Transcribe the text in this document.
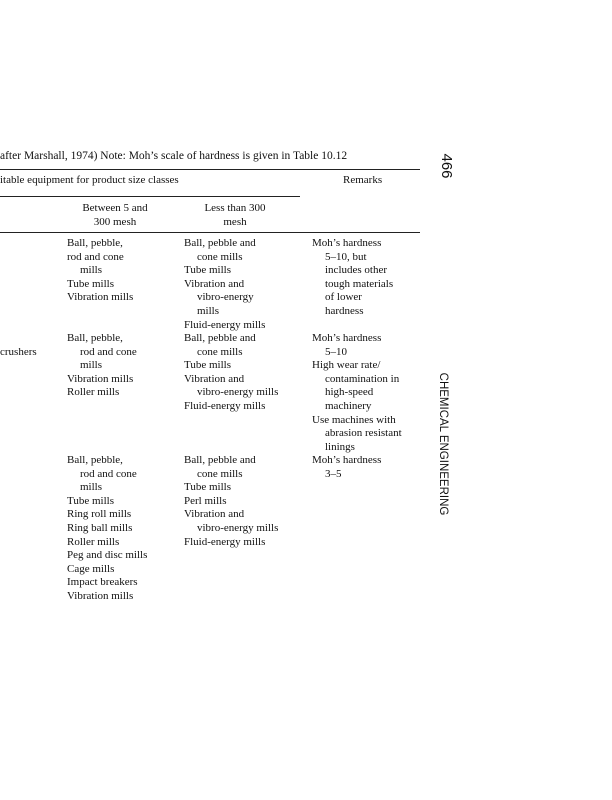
after Marshall, 1974) Note: Moh’s scale of hardness is given in Table 10.12
itable equipment for product size classes	Remarks
Between 5 and
300 mesh
Less than 300
mesh
Ball, pebble,
rod and cone
mills
Tube mills
Vibration mills
Ball, pebble and
cone mills
Tube mills
Vibration and
vibro-energy
mills
Fluid-energy mills
Moh’s hardness
5–10, but
includes other
tough materials
of lower
hardness
crushers
Ball, pebble,
rod and cone
mills
Vibration mills
Roller mills
Ball, pebble and
cone mills
Tube mills
Vibration and
vibro-energy mills
Fluid-energy mills
Moh’s hardness
5–10
High wear rate/
contamination in
high-speed
machinery
Use machines with
abrasion resistant
linings
Ball, pebble,
rod and cone
mills
Tube mills
Ring roll mills
Ring ball mills
Roller mills
Peg and disc mills
Cage mills
Impact breakers
Vibration mills
Ball, pebble and
cone mills
Tube mills
Perl mills
Vibration and
vibro-energy mills
Fluid-energy mills
Moh’s hardness
3–5
466
CHEMICAL ENGINEERING
